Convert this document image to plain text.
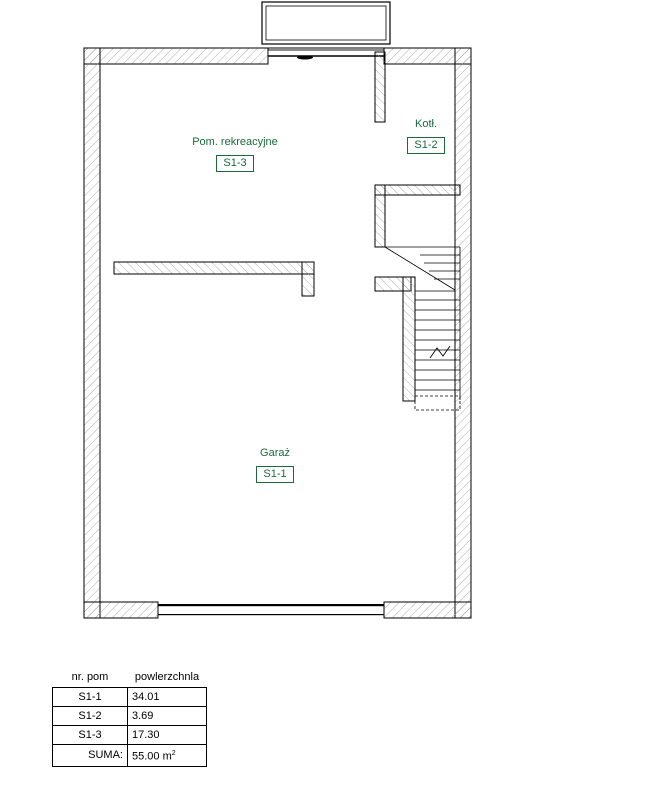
Pom. rekreacyjne
S1-3
Kotł.
S1-2
Garaż
S1-1
nr. pom	powlerzchnla
S1-1	34.01
S1-2	3.69
S1-3	17.30
SUMA:	55.00 $m^2$
